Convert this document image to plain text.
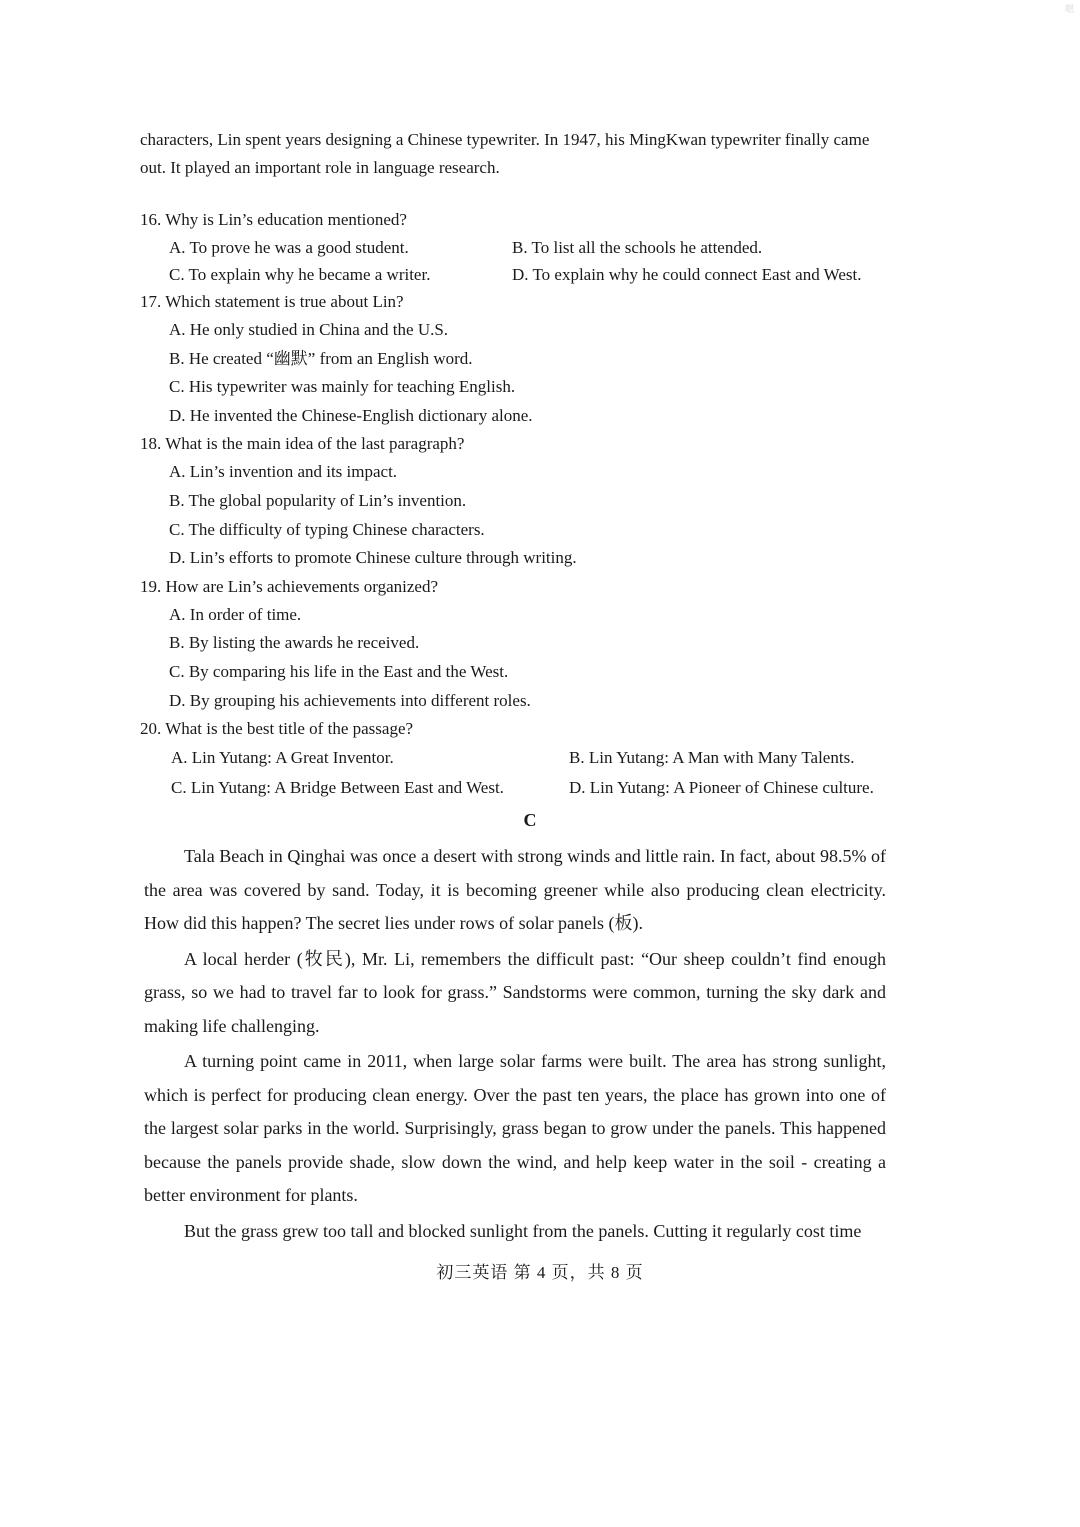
嗯

characters, Lin spent years designing a Chinese typewriter. In 1947, his MingKwan typewriter finally came out. It played an important role in language research.

16. Why is Lin’s education mentioned?

A. To prove he was a good student.	B. To list all the schools he attended.
C. To explain why he became a writer.	D. To explain why he could connect East and West.

17. Which statement is true about Lin?

A. He only studied in China and the U.S.

B. He created “幽默” from an English word.

C. His typewriter was mainly for teaching English.

D. He invented the Chinese-English dictionary alone.

18. What is the main idea of the last paragraph?

A. Lin’s invention and its impact.

B. The global popularity of Lin’s invention.

C. The difficulty of typing Chinese characters.

D. Lin’s efforts to promote Chinese culture through writing.

19. How are Lin’s achievements organized?

A. In order of time.

B. By listing the awards he received.

C. By comparing his life in the East and the West.

D. By grouping his achievements into different roles.

20. What is the best title of the passage?

A. Lin Yutang: A Great Inventor.	B. Lin Yutang: A Man with Many Talents.
C. Lin Yutang: A Bridge Between East and West.	D. Lin Yutang: A Pioneer of Chinese culture.

C

Tala Beach in Qinghai was once a desert with strong winds and little rain. In fact, about 98.5% of the area was covered by sand. Today, it is becoming greener while also producing clean electricity. How did this happen? The secret lies under rows of solar panels (板).

A local herder (牧民), Mr. Li, remembers the difficult past: “Our sheep couldn’t find enough grass, so we had to travel far to look for grass.” Sandstorms were common, turning the sky dark and making life challenging.

A turning point came in 2011, when large solar farms were built. The area has strong sunlight, which is perfect for producing clean energy. Over the past ten years, the place has grown into one of the largest solar parks in the world. Surprisingly, grass began to grow under the panels. This happened because the panels provide shade, slow down the wind, and help keep water in the soil - creating a better environment for plants.

But the grass grew too tall and blocked sunlight from the panels. Cutting it regularly cost time

初三英语 第 4 页，共 8 页
